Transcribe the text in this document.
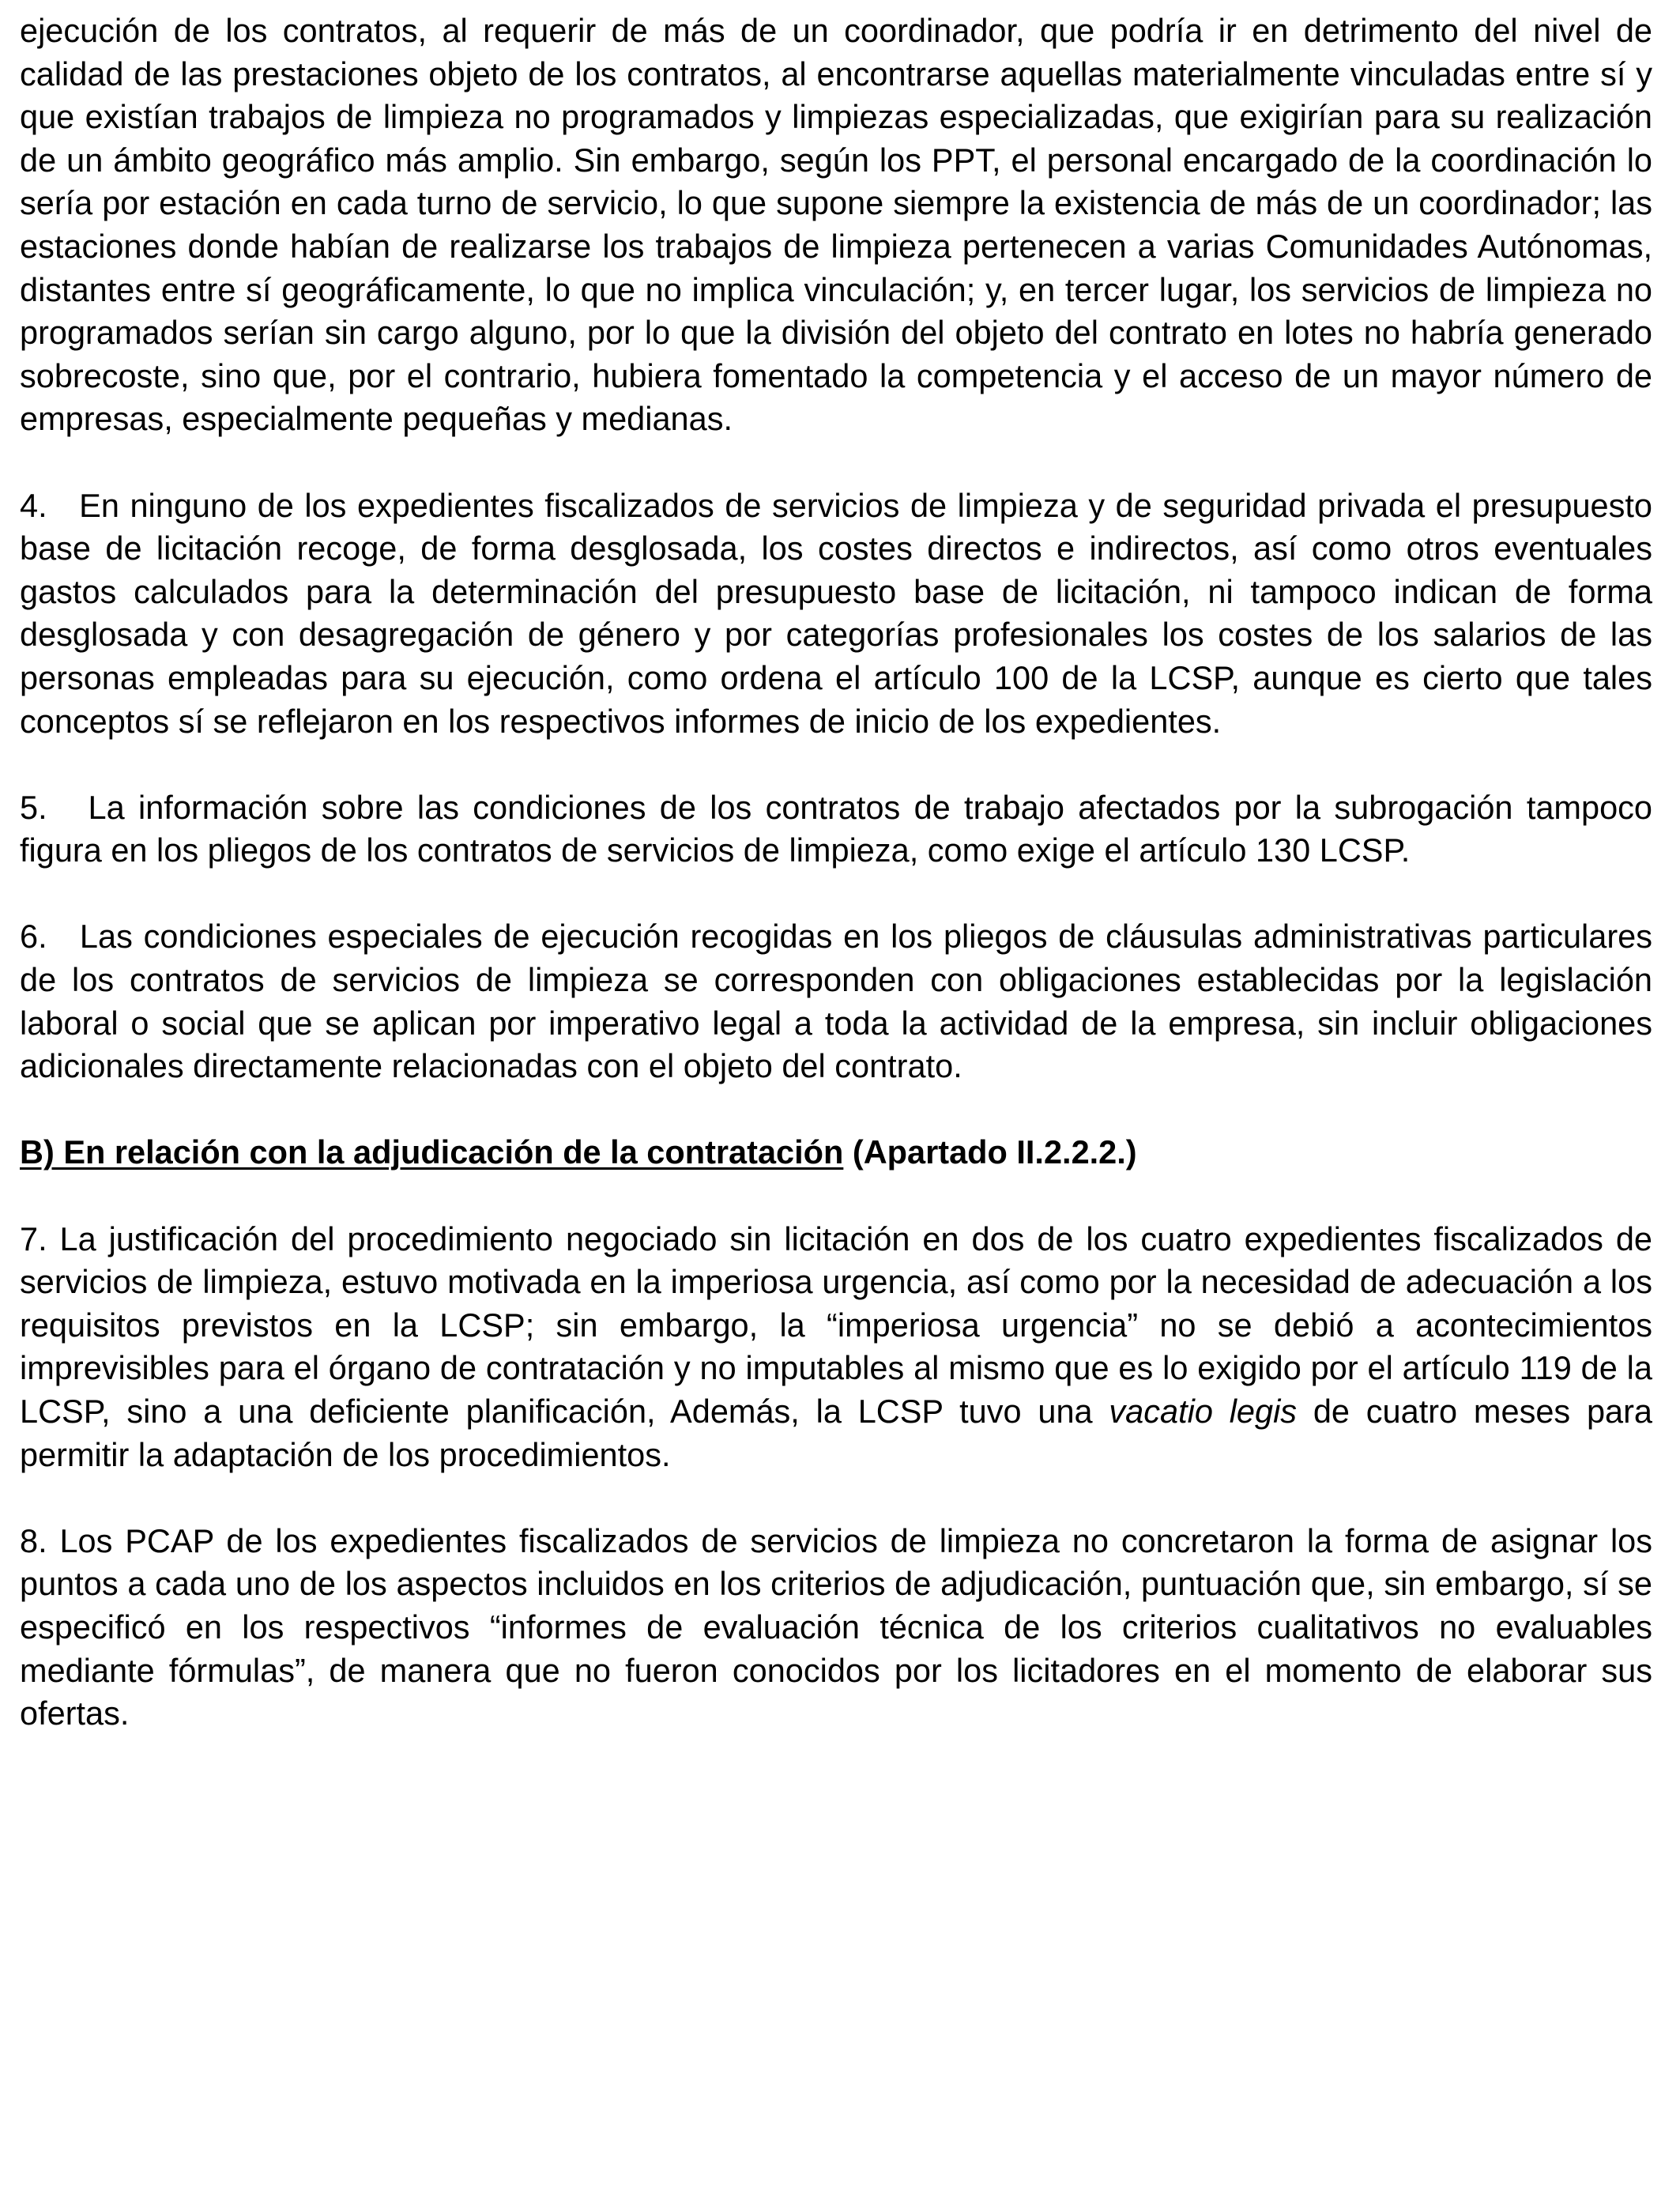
ejecución de los contratos, al requerir de más de un coordinador, que podría ir en detrimento del nivel de calidad de las prestaciones objeto de los contratos, al encontrarse aquellas materialmente vinculadas entre sí y que existían trabajos de limpieza no programados y limpiezas especializadas, que exigirían para su realización de un ámbito geográfico más amplio. Sin embargo, según los PPT, el personal encargado de la coordinación lo sería por estación en cada turno de servicio, lo que supone siempre la existencia de más de un coordinador; las estaciones donde habían de realizarse los trabajos de limpieza pertenecen a varias Comunidades Autónomas, distantes entre sí geográficamente, lo que no implica vinculación; y, en tercer lugar, los servicios de limpieza no programados serían sin cargo alguno, por lo que la división del objeto del contrato en lotes no habría generado sobrecoste, sino que, por el contrario, hubiera fomentado la competencia y el acceso de un mayor número de empresas, especialmente pequeñas y medianas.

4.   En ninguno de los expedientes fiscalizados de servicios de limpieza y de seguridad privada el presupuesto base de licitación recoge, de forma desglosada, los costes directos e indirectos, así como otros eventuales gastos calculados para la determinación del presupuesto base de licitación, ni tampoco indican de forma desglosada y con desagregación de género y por categorías profesionales los costes de los salarios de las personas empleadas para su ejecución, como ordena el artículo 100 de la LCSP, aunque es cierto que tales conceptos sí se reflejaron en los respectivos informes de inicio de los expedientes.

5.   La información sobre las condiciones de los contratos de trabajo afectados por la subrogación tampoco figura en los pliegos de los contratos de servicios de limpieza, como exige el artículo 130 LCSP.

6.   Las condiciones especiales de ejecución recogidas en los pliegos de cláusulas administrativas particulares de los contratos de servicios de limpieza se corresponden con obligaciones establecidas por la legislación laboral o social que se aplican por imperativo legal a toda la actividad de la empresa, sin incluir obligaciones adicionales directamente relacionadas con el objeto del contrato.

B) En relación con la adjudicación de la contratación (Apartado II.2.2.2.)

7. La justificación del procedimiento negociado sin licitación en dos de los cuatro expedientes fiscalizados de servicios de limpieza, estuvo motivada en la imperiosa urgencia, así como por la necesidad de adecuación a los requisitos previstos en la LCSP; sin embargo, la “imperiosa urgencia” no se debió a acontecimientos imprevisibles para el órgano de contratación y no imputables al mismo que es lo exigido por el artículo 119 de la LCSP, sino a una deficiente planificación, Además, la LCSP tuvo una vacatio legis de cuatro meses para permitir la adaptación de los procedimientos.

8. Los PCAP de los expedientes fiscalizados de servicios de limpieza no concretaron la forma de asignar los puntos a cada uno de los aspectos incluidos en los criterios de adjudicación, puntuación que, sin embargo, sí se especificó en los respectivos “informes de evaluación técnica de los criterios cualitativos no evaluables mediante fórmulas”, de manera que no fueron conocidos por los licitadores en el momento de elaborar sus ofertas.
